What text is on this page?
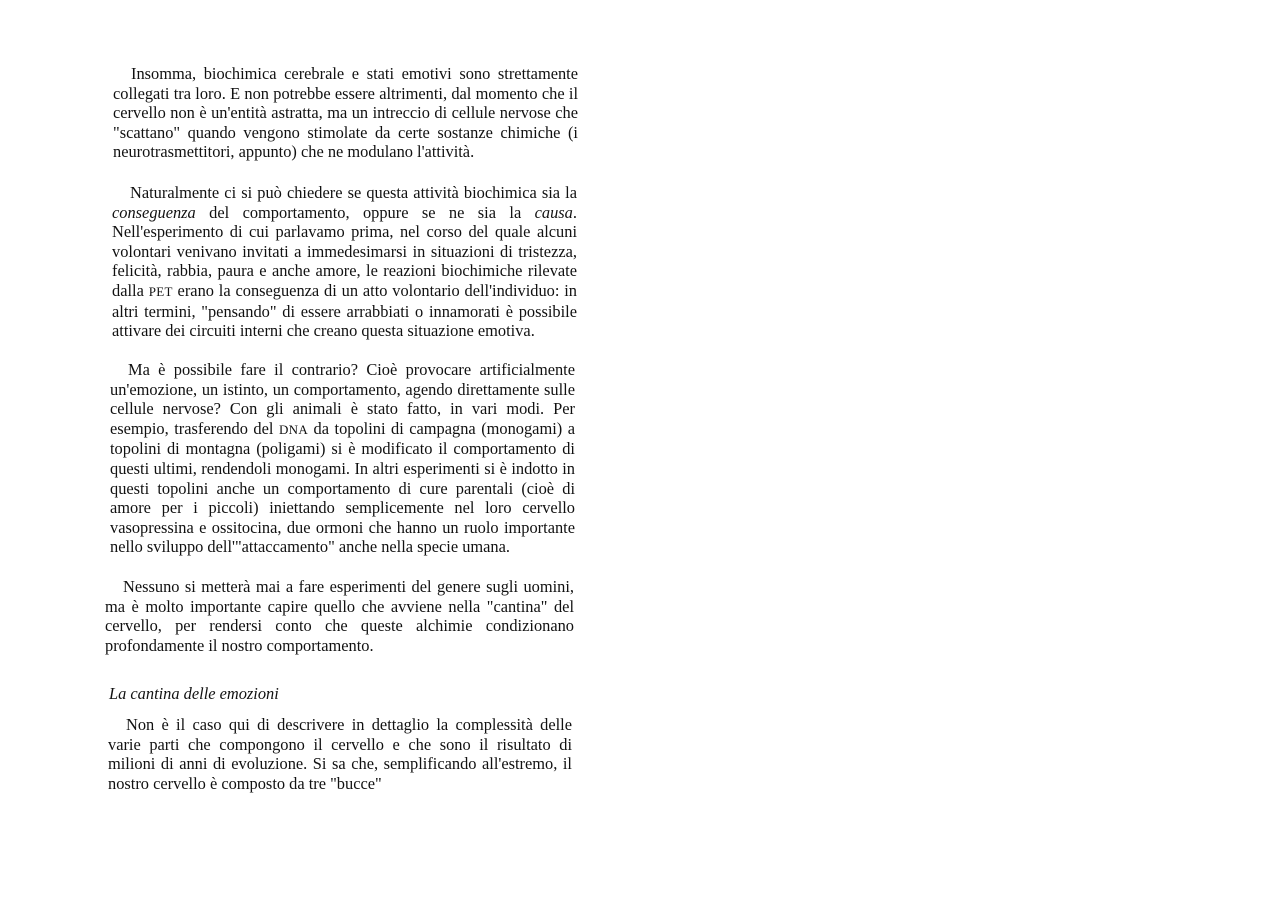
Insomma, biochimica cerebrale e stati emotivi sono strettamente collegati tra loro. E non potrebbe essere altrimenti, dal momento che il cervello non è un'entità astratta, ma un intreccio di cellule nervose che "scattano" quando vengono stimolate da certe sostanze chimiche (i neurotrasmettitori, appunto) che ne modulano l'attività.

Naturalmente ci si può chiedere se questa attività biochimica sia la conseguenza del comportamento, oppure se ne sia la causa. Nell'esperimento di cui parlavamo prima, nel corso del quale alcuni volontari venivano invitati a immedesimarsi in situazioni di tristezza, felicità, rabbia, paura e anche amore, le reazioni biochimiche rilevate dalla PET erano la conseguenza di un atto volontario dell'individuo: in altri termini, "pensando" di essere arrabbiati o innamorati è possibile attivare dei circuiti interni che creano questa situazione emotiva.

Ma è possibile fare il contrario? Cioè provocare artificialmente un'emozione, un istinto, un comportamento, agendo direttamente sulle cellule nervose? Con gli animali è stato fatto, in vari modi. Per esempio, trasferendo del DNA da topolini di campagna (monogami) a topolini di montagna (poligami) si è modificato il comportamento di questi ultimi, rendendoli monogami. In altri esperimenti si è indotto in questi topolini anche un comportamento di cure parentali (cioè di amore per i piccoli) iniettando semplicemente nel loro cervello vasopressina e ossitocina, due ormoni che hanno un ruolo importante nello sviluppo dell'"attaccamento" anche nella specie umana.

Nessuno si metterà mai a fare esperimenti del genere sugli uomini, ma è molto importante capire quello che avviene nella "cantina" del cervello, per rendersi conto che queste alchimie condizionano profondamente il nostro comportamento.

La cantina delle emozioni

Non è il caso qui di descrivere in dettaglio la complessità delle varie parti che compongono il cervello e che sono il risultato di milioni di anni di evoluzione. Si sa che, semplificando all'estremo, il nostro cervello è composto da tre "bucce"
